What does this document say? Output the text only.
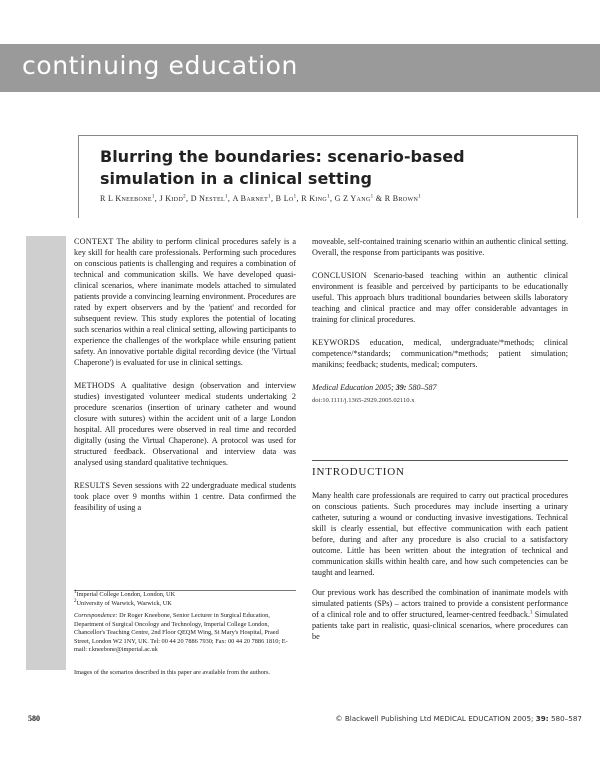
continuing education
Blurring the boundaries: scenario-based simulation in a clinical setting
R L Kneebone$^1$, J Kidd$^2$, D Nestel$^1$, A Barnet$^1$, B Lo$^1$, R King$^1$, G Z Yang$^1$ & R Brown$^1$

CONTEXT The ability to perform clinical procedures safely is a key skill for health care professionals. Performing such procedures on conscious patients is challenging and requires a combination of technical and communication skills. We have developed quasi-clinical scenarios, where inanimate models attached to simulated patients provide a convincing learning environment. Procedures are rated by expert observers and by the 'patient' and recorded for subsequent review. This study explores the potential of locating such scenarios within a real clinical setting, allowing participants to experience the challenges of the workplace while ensuring patient safety. An innovative portable digital recording device (the 'Virtual Chaperone') is evaluated for use in clinical settings.

METHODS A qualitative design (observation and interview studies) investigated volunteer medical students undertaking 2 procedure scenarios (insertion of urinary catheter and wound closure with sutures) within the accident unit of a large London hospital. All procedures were observed in real time and recorded digitally (using the Virtual Chaperone). A protocol was used for structured feedback. Observational and interview data was analysed using standard qualitative techniques.

RESULTS Seven sessions with 22 undergraduate medical students took place over 9 months within 1 centre. Data confirmed the feasibility of using a

$^1$Imperial College London, London, UK

$^2$University of Warwick, Warwick, UK

Correspondence: Dr Roger Kneebone, Senior Lecturer in Surgical Education, Department of Surgical Oncology and Technology, Imperial College London, Chancellor's Teaching Centre, 2nd Floor QEQM Wing, St Mary's Hospital, Praed Street, London W2 1NY, UK. Tel: 00 44 20 7886 7930; Fax: 00 44 20 7886 1810; E-mail: r.kneebone@imperial.ac.uk

Images of the scenarios described in this paper are available from the authors.

moveable, self-contained training scenario within an authentic clinical setting. Overall, the response from participants was positive.

CONCLUSION Scenario-based teaching within an authentic clinical environment is feasible and perceived by participants to be educationally useful. This approach blurs traditional boundaries between skills laboratory teaching and clinical practice and may offer considerable advantages in training for clinical procedures.

KEYWORDS education, medical, undergraduate/*methods; clinical competence/*standards; communication/*methods; patient simulation; manikins; feedback; students, medical; computers.

Medical Education 2005; 39: 580–587

doi:10.1111/j.1365-2929.2005.02110.x

INTRODUCTION

Many health care professionals are required to carry out practical procedures on conscious patients. Such procedures may include inserting a urinary catheter, suturing a wound or conducting invasive investigations. Technical skill is clearly essential, but effective communication with each patient before, during and after any procedure is also crucial to a satisfactory outcome. Little has been written about the integration of technical and communication skills within health care, and how such competencies can be taught and learned.

Our previous work has described the combination of inanimate models with simulated patients (SPs) – actors trained to provide a consistent performance of a clinical role and to offer structured, learner-centred feedback.$^1$ Simulated patients take part in realistic, quasi-clinical scenarios, where procedures can be

580	© Blackwell Publishing Ltd MEDICAL EDUCATION 2005; 39: 580–587
